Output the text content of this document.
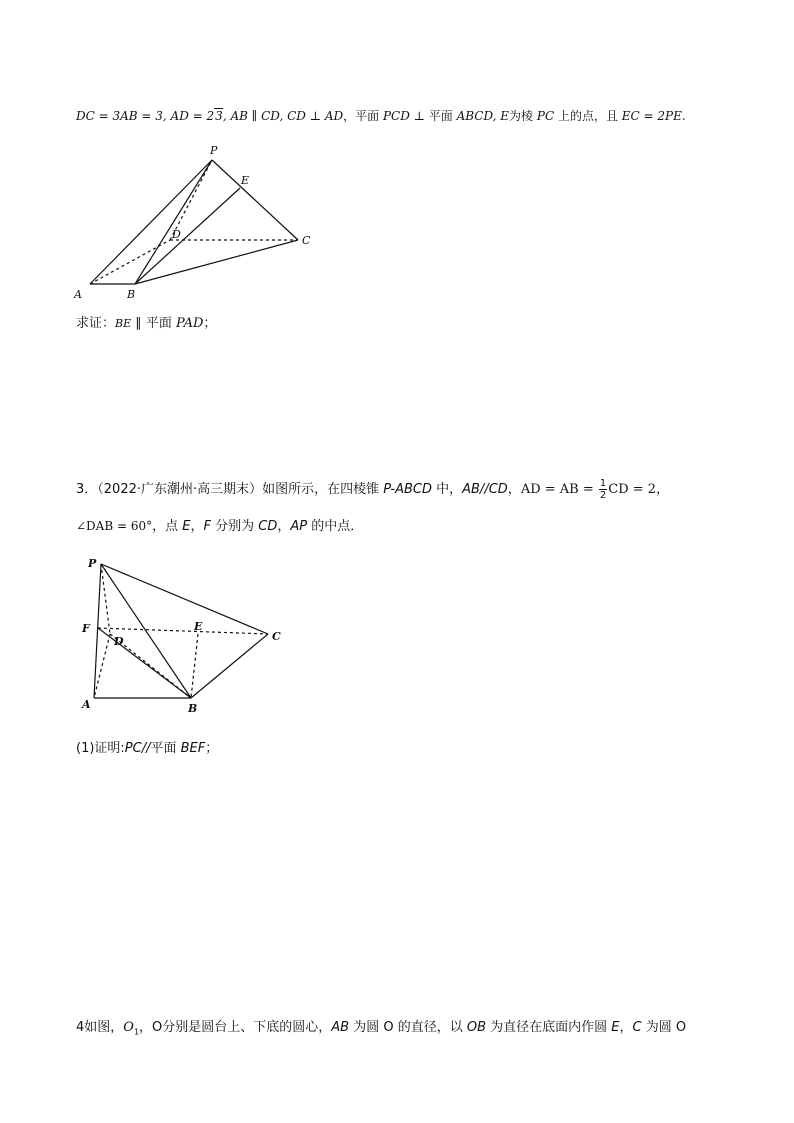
DC = 3AB = 3, AD = 23, AB ∥ CD, CD ⊥ AD，平面 PCD ⊥ 平面 ABCD, E为棱 PC 上的点，且 EC = 2PE.
P
E
D	C
A	B
求证：BE ∥ 平面 PAD；
3．（2022·广东潮州·高三期末）如图所示，在四棱锥 P-ABCD 中，AB//CD，AD = AB = $\frac{1}{2}$ CD = 2，
∠DAB = 60°，点 E，F 分别为 CD，AP 的中点．
P
F
D
E
C
A	B
(1)证明:PC//平面 BEF；
4如图，$O_1$，O分别是圆台上、下底的圆心，AB 为圆 O 的直径，以 OB 为直径在底面内作圆 E，C 为圆 O
